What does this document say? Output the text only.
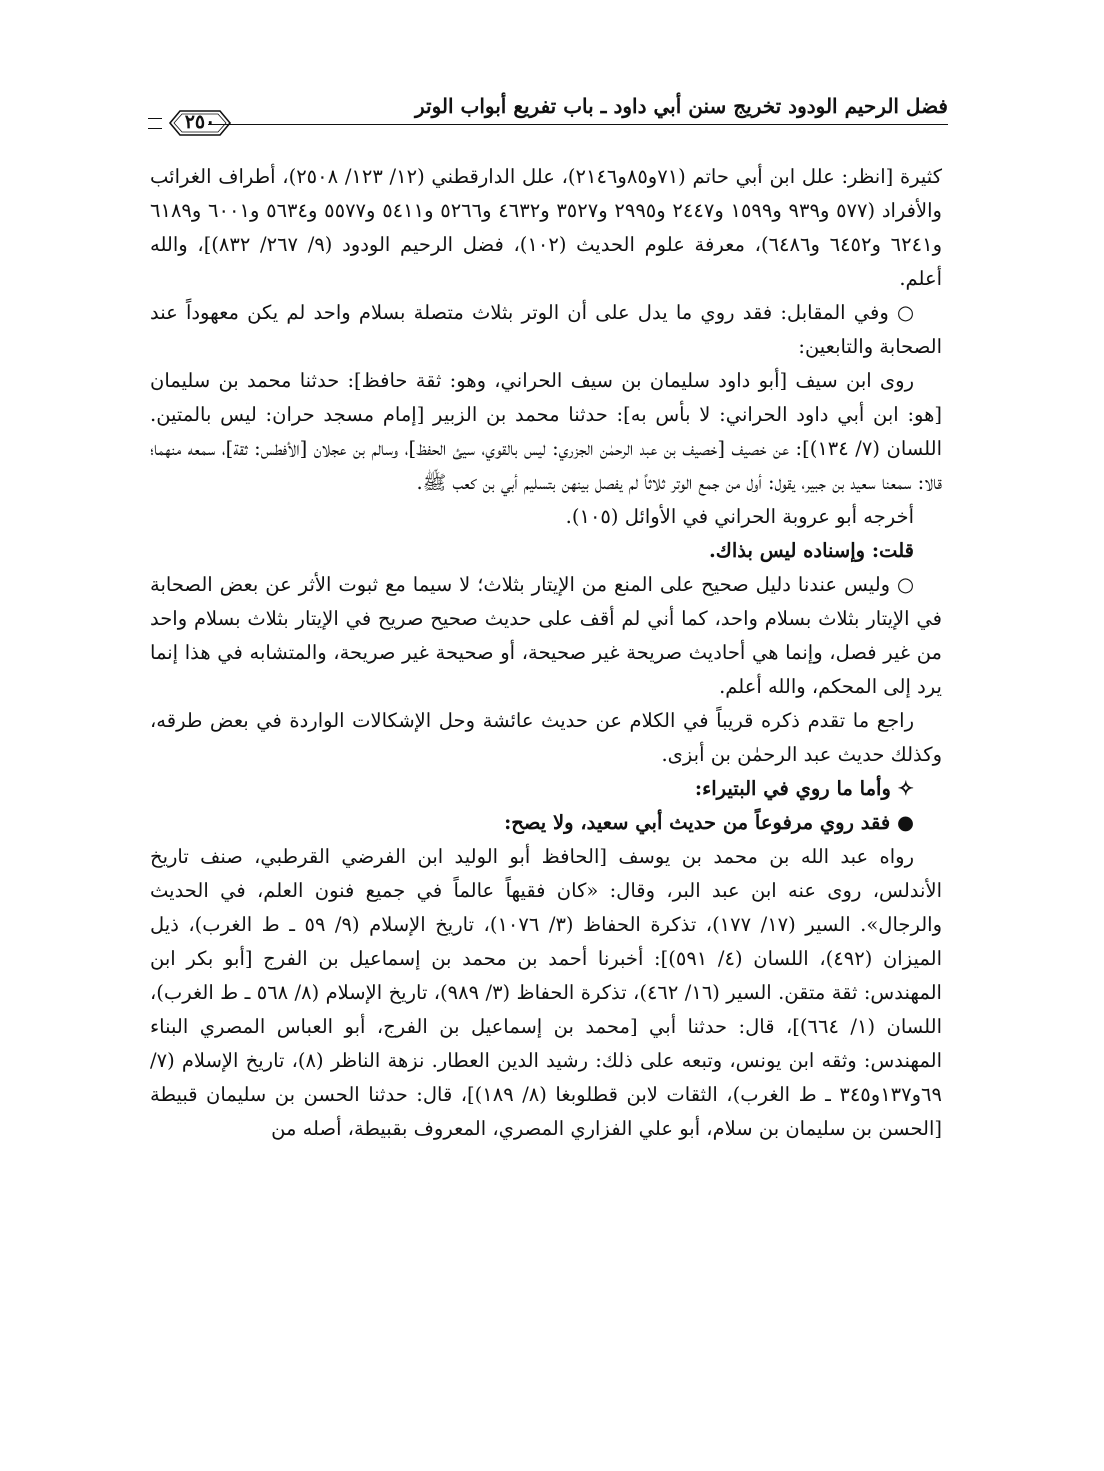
٢٥٠
فضل الرحيم الودود تخريج سنن أبي داود ـ باب تفريع أبواب الوتر

كثيرة [انظر: علل ابن أبي حاتم (٧١و٨٥و٢١٤٦)، علل الدارقطني (١٢/ ١٢٣/ ٢٥٠٨)، أطراف الغرائب والأفراد (٥٧٧ و٩٣٩ و١٥٩٩ و٢٤٤٧ و٢٩٩٥ و٣٥٢٧ و٤٦٣٢ و٥٢٦٦ و٥٤١١ و٥٥٧٧ و٥٦٣٤ و٦٠٠١ و٦١٨٩ و٦٢٤١ و٦٤٥٢ و٦٤٨٦)، معرفة علوم الحديث (١٠٢)، فضل الرحيم الودود (٩/ ٢٦٧/ ٨٣٢)]، والله أعلم.

○ وفي المقابل: فقد روي ما يدل على أن الوتر بثلاث متصلة بسلام واحد لم يكن معهوداً عند الصحابة والتابعين:

روى ابن سيف [أبو داود سليمان بن سيف الحراني، وهو: ثقة حافظ]: حدثنا محمد بن سليمان [هو: ابن أبي داود الحراني: لا بأس به]: حدثنا محمد بن الزبير [إمام مسجد حران: ليس بالمتين. اللسان (٧/ ١٣٤)]: عن خصيف [خصيف بن عبد الرحمٰن الجزري: ليس بالقوي، سيئ الحفظ]، وسالم بن عجلان [الأفطس: ثقة]، سمعه منهما؛ قالا: سمعنا سعيد بن جبير، يقول: أول من جمع الوتر ثلاثاً لم يفصل بينهن بتسليم أبي بن كعب ﷺ.

أخرجه أبو عروبة الحراني في الأوائل (١٠٥).

قلت: وإسناده ليس بذاك.

○ وليس عندنا دليل صحيح على المنع من الإيتار بثلاث؛ لا سيما مع ثبوت الأثر عن بعض الصحابة في الإيتار بثلاث بسلام واحد، كما أني لم أقف على حديث صحيح صريح في الإيتار بثلاث بسلام واحد من غير فصل، وإنما هي أحاديث صريحة غير صحيحة، أو صحيحة غير صريحة، والمتشابه في هذا إنما يرد إلى المحكم، والله أعلم.

راجع ما تقدم ذكره قريباً في الكلام عن حديث عائشة وحل الإشكالات الواردة في بعض طرقه، وكذلك حديث عبد الرحمٰن بن أبزى.

✧ وأما ما روي في البتيراء:

● فقد روي مرفوعاً من حديث أبي سعيد، ولا يصح:

رواه عبد الله بن محمد بن يوسف [الحافظ أبو الوليد ابن الفرضي القرطبي، صنف تاريخ الأندلس، روى عنه ابن عبد البر، وقال: «كان فقيهاً عالماً في جميع فنون العلم، في الحديث والرجال». السير (١٧/ ١٧٧)، تذكرة الحفاظ (٣/ ١٠٧٦)، تاريخ الإسلام (٩/ ٥٩ ـ ط الغرب)، ذيل الميزان (٤٩٢)، اللسان (٤/ ٥٩١)]: أخبرنا أحمد بن محمد بن إسماعيل بن الفرج [أبو بكر ابن المهندس: ثقة متقن. السير (١٦/ ٤٦٢)، تذكرة الحفاظ (٣/ ٩٨٩)، تاريخ الإسلام (٨/ ٥٦٨ ـ ط الغرب)، اللسان (١/ ٦٦٤)]، قال: حدثنا أبي [محمد بن إسماعيل بن الفرج، أبو العباس المصري البناء المهندس: وثقه ابن يونس، وتبعه على ذلك: رشيد الدين العطار. نزهة الناظر (٨)، تاريخ الإسلام (٧/ ٦٩و١٣٧و٣٤٥ ـ ط الغرب)، الثقات لابن قطلوبغا (٨/ ١٨٩)]، قال: حدثنا الحسن بن سليمان قبيطة [الحسن بن سليمان بن سلام، أبو علي الفزاري المصري، المعروف بقبيطة، أصله من
